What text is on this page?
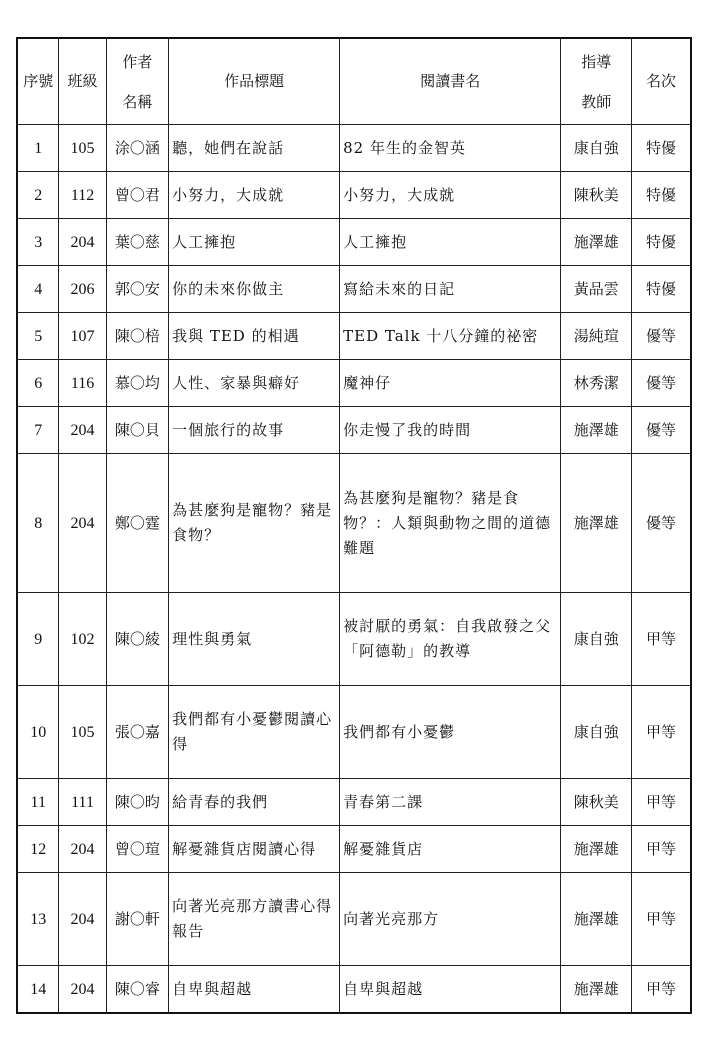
序號	班級	作者名稱	作品標題	閱讀書名	指導教師	名次
1	105	涂〇涵	聽，她們在說話	82 年生的金智英	康自強	特優
2	112	曾〇君	小努力，大成就	小努力，大成就	陳秋美	特優
3	204	葉〇慈	人工擁抱	人工擁抱	施澤雄	特優
4	206	郭〇安	你的未來你做主	寫給未來的日記	黃品雲	特優
5	107	陳〇棓	我與 TED 的相遇	TED Talk 十八分鐘的祕密	湯純瑄	優等
6	116	慕〇均	人性、家暴與癖好	魔神仔	林秀潔	優等
7	204	陳〇貝	一個旅行的故事	你走慢了我的時間	施澤雄	優等
8	204	鄭〇霆	為甚麼狗是寵物？豬是食物？	為甚麼狗是寵物？豬是食物？：人類與動物之間的道德難題	施澤雄	優等
9	102	陳〇綾	理性與勇氣	被討厭的勇氣：自我啟發之父「阿德勒」的教導	康自強	甲等
10	105	張〇嘉	我們都有小憂鬱閱讀心得	我們都有小憂鬱	康自強	甲等
11	111	陳〇昀	給青春的我們	青春第二課	陳秋美	甲等
12	204	曾〇瑄	解憂雜貨店閱讀心得	解憂雜貨店	施澤雄	甲等
13	204	謝〇軒	向著光亮那方讀書心得報告	向著光亮那方	施澤雄	甲等
14	204	陳〇睿	自卑與超越	自卑與超越	施澤雄	甲等
